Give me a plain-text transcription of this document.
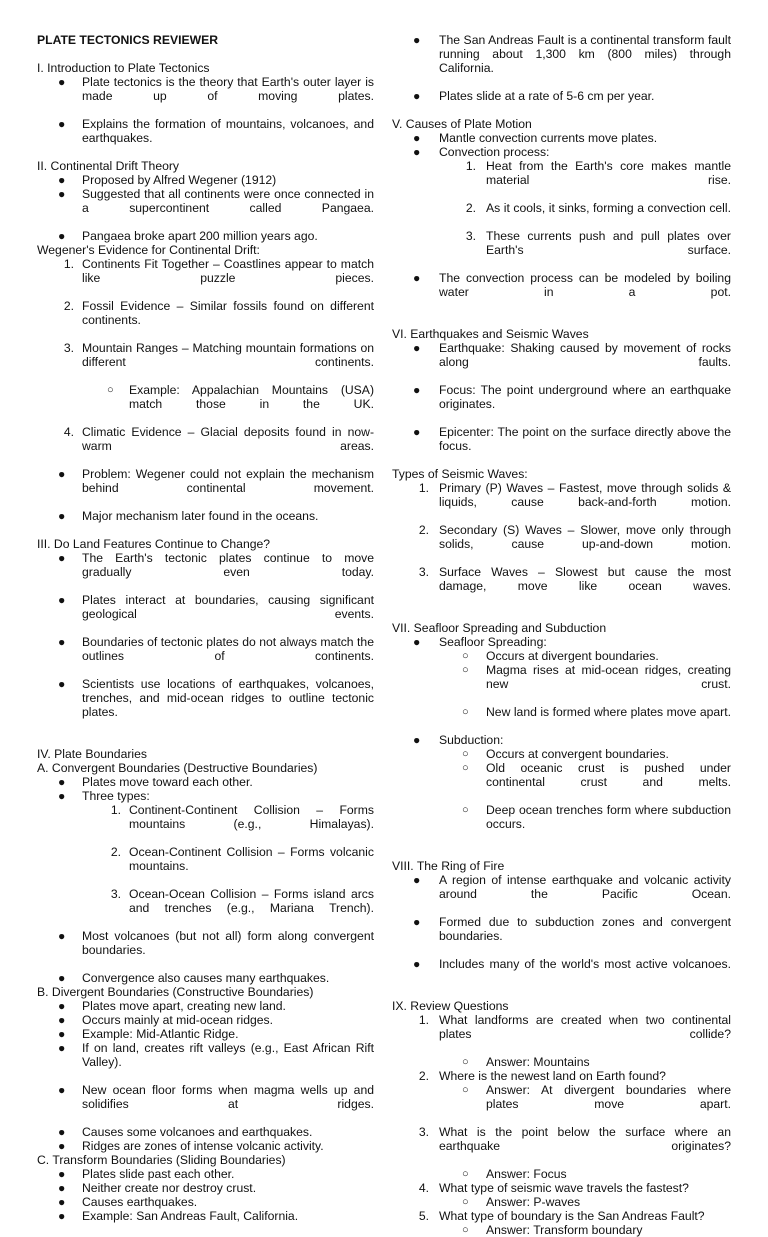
PLATE TECTONICS REVIEWER
I. Introduction to Plate Tectonics
● Plate tectonics is the theory that Earth's outer layer is made up of moving plates.
● Explains the formation of mountains, volcanoes, and earthquakes.
II. Continental Drift Theory
● Proposed by Alfred Wegener (1912)
● Suggested that all continents were once connected in a supercontinent called Pangaea.
● Pangaea broke apart 200 million years ago.
Wegener's Evidence for Continental Drift:
1. Continents Fit Together – Coastlines appear to match like puzzle pieces.
2. Fossil Evidence – Similar fossils found on different continents.
3. Mountain Ranges – Matching mountain formations on different continents.
○ Example: Appalachian Mountains (USA) match those in the UK.
4. Climatic Evidence – Glacial deposits found in now-warm areas.
● Problem: Wegener could not explain the mechanism behind continental movement.
● Major mechanism later found in the oceans.
III. Do Land Features Continue to Change?
● The Earth's tectonic plates continue to move gradually even today.
● Plates interact at boundaries, causing significant geological events.
● Boundaries of tectonic plates do not always match the outlines of continents.
● Scientists use locations of earthquakes, volcanoes, trenches, and mid-ocean ridges to outline tectonic plates.
IV. Plate Boundaries
A. Convergent Boundaries (Destructive Boundaries)
● Plates move toward each other.
● Three types:
1. Continent-Continent Collision – Forms mountains (e.g., Himalayas).
2. Ocean-Continent Collision – Forms volcanic mountains.
3. Ocean-Ocean Collision – Forms island arcs and trenches (e.g., Mariana Trench).
● Most volcanoes (but not all) form along convergent boundaries.
● Convergence also causes many earthquakes.
B. Divergent Boundaries (Constructive Boundaries)
● Plates move apart, creating new land.
● Occurs mainly at mid-ocean ridges.
● Example: Mid-Atlantic Ridge.
● If on land, creates rift valleys (e.g., East African Rift Valley).
● New ocean floor forms when magma wells up and solidifies at ridges.
● Causes some volcanoes and earthquakes.
● Ridges are zones of intense volcanic activity.
C. Transform Boundaries (Sliding Boundaries)
● Plates slide past each other.
● Neither create nor destroy crust.
● Causes earthquakes.
● Example: San Andreas Fault, California.
● The San Andreas Fault is a continental transform fault running about 1,300 km (800 miles) through California.
● Plates slide at a rate of 5-6 cm per year.
V. Causes of Plate Motion
● Mantle convection currents move plates.
● Convection process:
1. Heat from the Earth's core makes mantle material rise.
2. As it cools, it sinks, forming a convection cell.
3. These currents push and pull plates over Earth's surface.
● The convection process can be modeled by boiling water in a pot.
VI. Earthquakes and Seismic Waves
● Earthquake: Shaking caused by movement of rocks along faults.
● Focus: The point underground where an earthquake originates.
● Epicenter: The point on the surface directly above the focus.
Types of Seismic Waves:
1. Primary (P) Waves – Fastest, move through solids & liquids, cause back-and-forth motion.
2. Secondary (S) Waves – Slower, move only through solids, cause up-and-down motion.
3. Surface Waves – Slowest but cause the most damage, move like ocean waves.
VII. Seafloor Spreading and Subduction
● Seafloor Spreading:
○ Occurs at divergent boundaries.
○ Magma rises at mid-ocean ridges, creating new crust.
○ New land is formed where plates move apart.
● Subduction:
○ Occurs at convergent boundaries.
○ Old oceanic crust is pushed under continental crust and melts.
○ Deep ocean trenches form where subduction occurs.
VIII. The Ring of Fire
● A region of intense earthquake and volcanic activity around the Pacific Ocean.
● Formed due to subduction zones and convergent boundaries.
● Includes many of the world's most active volcanoes.
IX. Review Questions
1. What landforms are created when two continental plates collide?
○ Answer: Mountains
2. Where is the newest land on Earth found?
○ Answer: At divergent boundaries where plates move apart.
3. What is the point below the surface where an earthquake originates?
○ Answer: Focus
4. What type of seismic wave travels the fastest?
○ Answer: P-waves
5. What type of boundary is the San Andreas Fault?
○ Answer: Transform boundary
